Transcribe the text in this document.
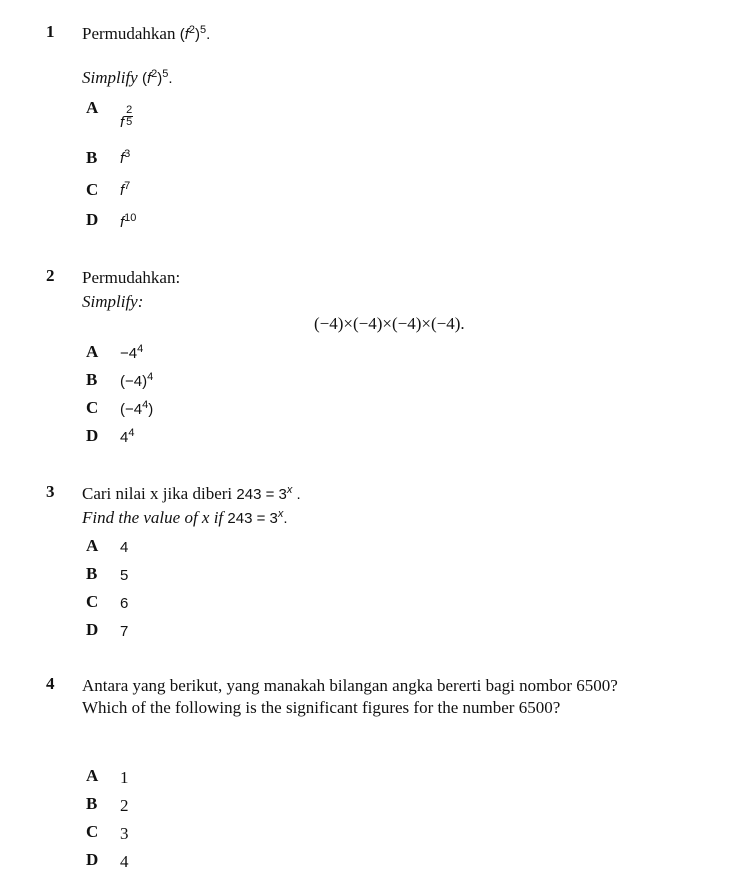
1 Permudahkan $(f^2)^5$.
Simplify $(f^2)^5$.
A
f $\frac{2}{5}$
B $f^3$
C $f^7$
D $f^{10}$
2 Permudahkan:
Simplify:
(−4)×(−4)×(−4)×(−4).
$A -4^4$
B $(-4)^4$
C $(-4^4)$
D $4^4$
3 Cari nilai x jika diberi $243 = 3^x$ .
Find the value of x if $243 = 3^x$.
A 4
B 5
C 6
D 7
4 Antara yang berikut, yang manakah bilangan angka bererti bagi nombor 6500?
Which of the following is the significant figures for the number 6500?
A 1
B 2
C 3
D 4
